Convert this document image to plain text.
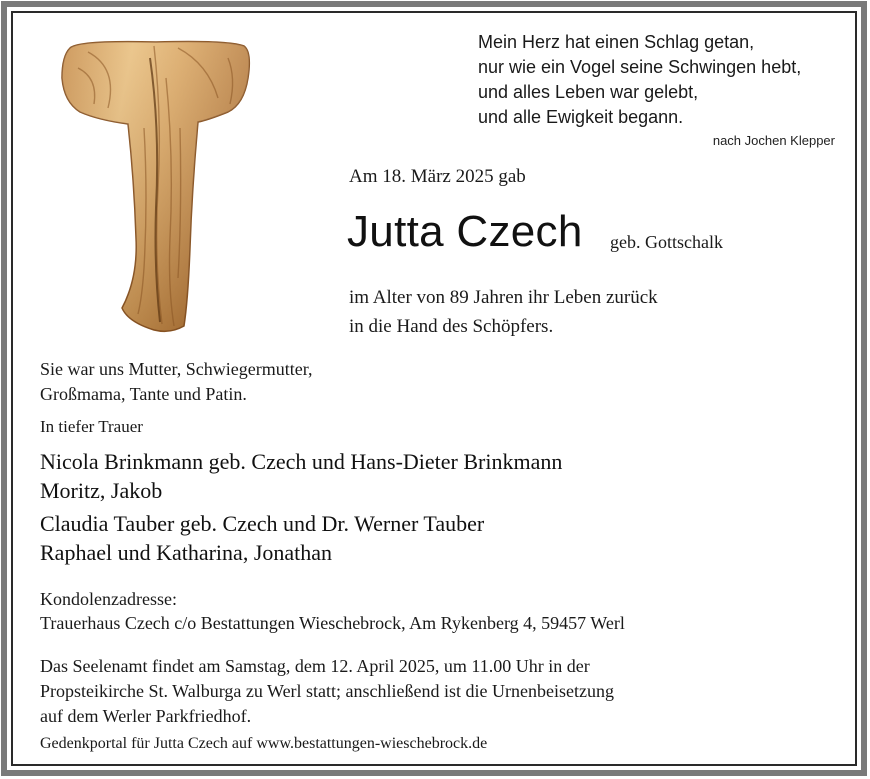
Mein Herz hat einen Schlag getan,
nur wie ein Vogel seine Schwingen hebt,
und alles Leben war gelebt,
und alle Ewigkeit begann.
nach Jochen Klepper
Am 18. März 2025 gab
Jutta Czech geb. Gottschalk
im Alter von 89 Jahren ihr Leben zurück
in die Hand des Schöpfers.
Sie war uns Mutter, Schwiegermutter,
Großmama, Tante und Patin.
In tiefer Trauer
Nicola Brinkmann geb. Czech und Hans-Dieter Brinkmann
Moritz, Jakob
Claudia Tauber geb. Czech und Dr. Werner Tauber
Raphael und Katharina, Jonathan
Kondolenzadresse:
Trauerhaus Czech c/o Bestattungen Wieschebrock, Am Rykenberg 4, 59457 Werl
Das Seelenamt findet am Samstag, dem 12. April 2025, um 11.00 Uhr in der
Propsteikirche St. Walburga zu Werl statt; anschließend ist die Urnenbeisetzung
auf dem Werler Parkfriedhof.
Gedenkportal für Jutta Czech auf www.bestattungen-wieschebrock.de
